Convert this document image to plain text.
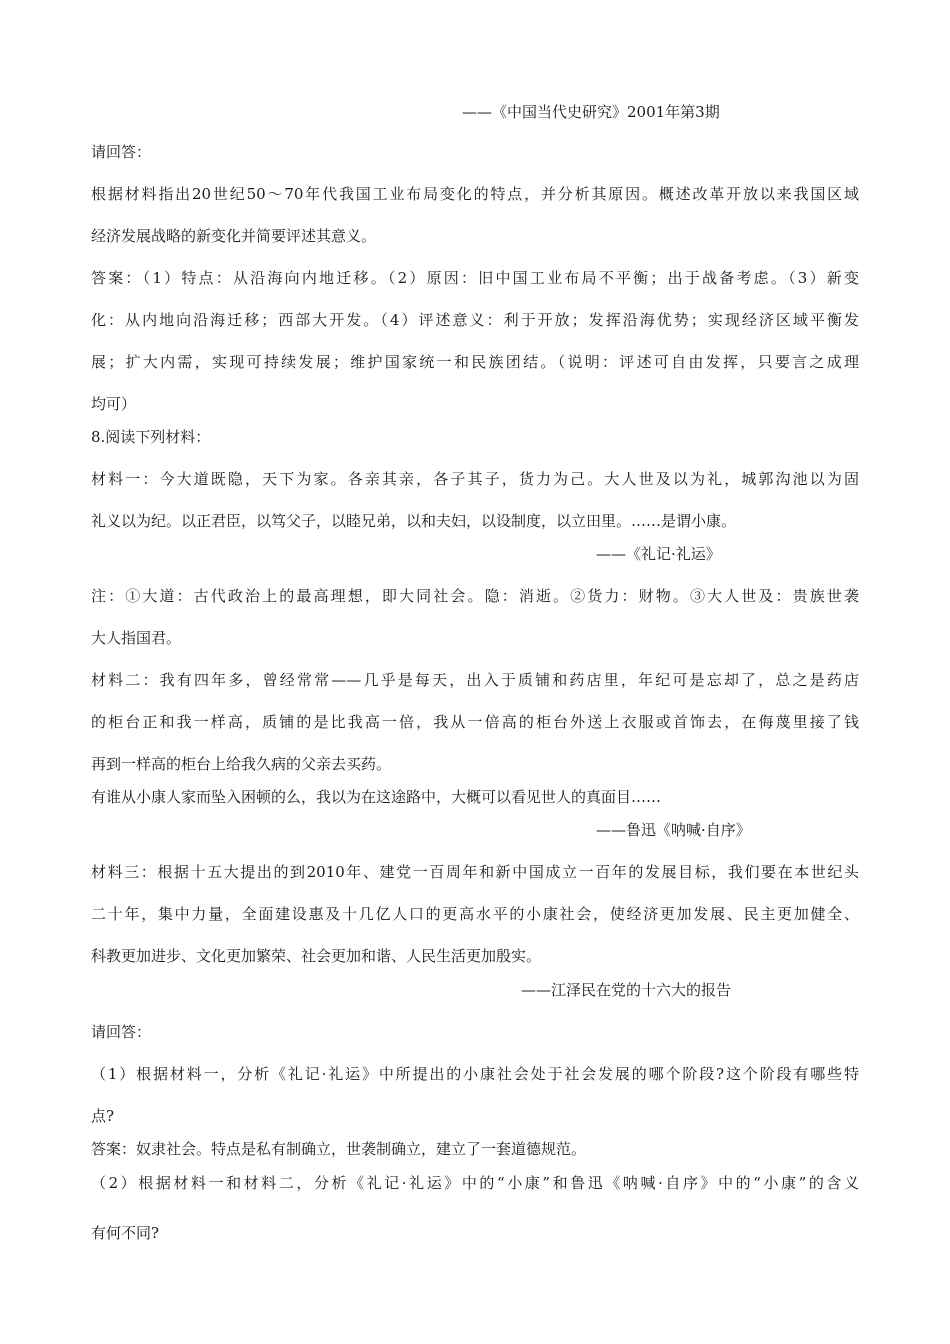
——《中国当代史研究》2001年第3期
请回答：
根据材料指出20世纪50～70年代我国工业布局变化的特点，并分析其原因。概述改革开放以来我国区域
经济发展战略的新变化并简要评述其意义。
答案：（1）特点：从沿海向内地迁移。（2）原因：旧中国工业布局不平衡；出于战备考虑。（3）新变
化：从内地向沿海迁移；西部大开发。（4）评述意义：利于开放；发挥沿海优势；实现经济区域平衡发
展；扩大内需，实现可持续发展；维护国家统一和民族团结。（说明：评述可自由发挥，只要言之成理
均可）
8.阅读下列材料：
材料一：今大道既隐，天下为家。各亲其亲，各子其子，货力为己。大人世及以为礼，城郭沟池以为固
礼义以为纪。以正君臣，以笃父子，以睦兄弟，以和夫妇，以设制度，以立田里。……是谓小康。
——《礼记·礼运》
注：①大道：古代政治上的最高理想，即大同社会。隐：消逝。②货力：财物。③大人世及：贵族世袭
大人指国君。
材料二：我有四年多，曾经常常——几乎是每天，出入于质铺和药店里，年纪可是忘却了，总之是药店
的柜台正和我一样高，质铺的是比我高一倍，我从一倍高的柜台外送上衣服或首饰去，在侮蔑里接了钱
再到一样高的柜台上给我久病的父亲去买药。
有谁从小康人家而坠入困顿的么，我以为在这途路中，大概可以看见世人的真面目……
——鲁迅《呐喊·自序》
材料三：根据十五大提出的到2010年、建党一百周年和新中国成立一百年的发展目标，我们要在本世纪头
二十年，集中力量，全面建设惠及十几亿人口的更高水平的小康社会，使经济更加发展、民主更加健全、
科教更加进步、文化更加繁荣、社会更加和谐、人民生活更加殷实。
——江泽民在党的十六大的报告
请回答：
（1）根据材料一，分析《礼记·礼运》中所提出的小康社会处于社会发展的哪个阶段?这个阶段有哪些特
点?
答案：奴隶社会。特点是私有制确立，世袭制确立，建立了一套道德规范。
（2）根据材料一和材料二，分析《礼记·礼运》中的“小康”和鲁迅《呐喊·自序》中的“小康”的含义
有何不同?
